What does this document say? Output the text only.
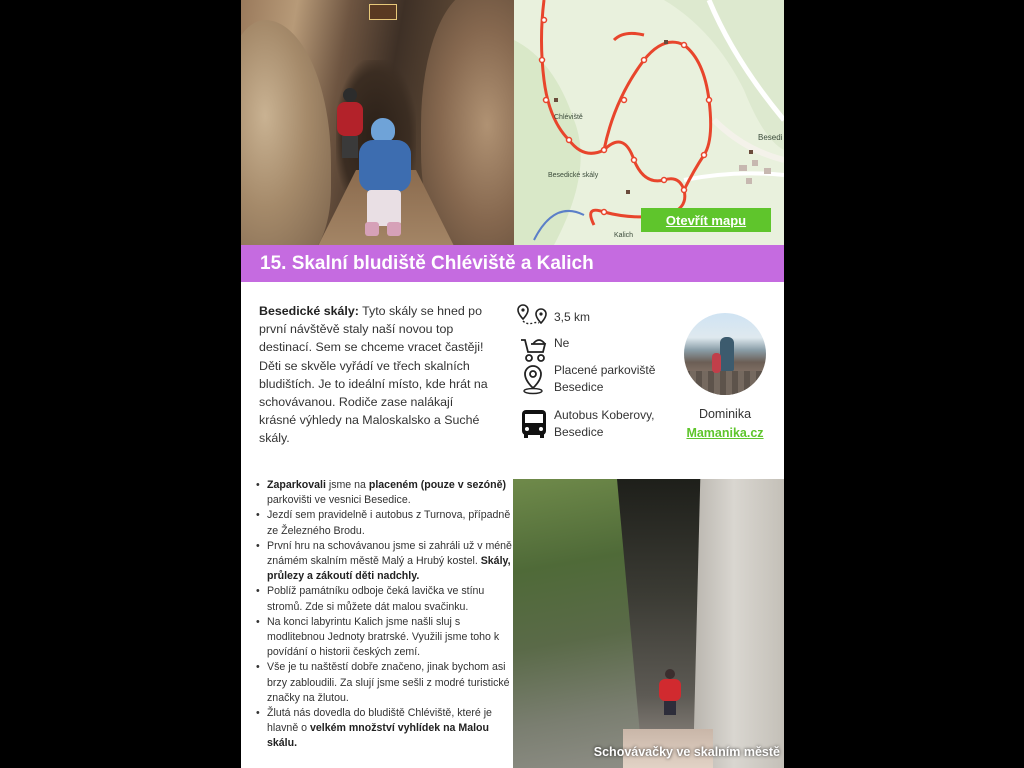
Chléviště
Besedi
Besedické skály
Kalich
Otevřít mapu
15. Skalní bludiště Chléviště a Kalich
Besedické skály: Tyto skály se hned po první návštěvě staly naší novou top destinací. Sem se chceme vracet častěji! Děti se skvěle vyřádí ve třech skalních bludištích. Je to ideální místo, kde hrát na schovávanou. Rodiče zase nalákají krásné výhledy na Maloskalsko a Suché skály.
3,5 km
Ne
Placené parkoviště
Besedice
Autobus Koberovy,
Besedice
Dominika
Mamanika.cz
• Zaparkovali jsme na placeném (pouze v sezóně) parkovišti ve vesnici Besedice.
• Jezdí sem pravidelně i autobus z Turnova, případně ze Železného Brodu.
• První hru na schovávanou jsme si zahráli už v méně známém skalním městě Malý a Hrubý kostel. Skály, průlezy a zákoutí děti nadchly.
• Poblíž památníku odboje čeká lavička ve stínu stromů. Zde si můžete dát malou svačinku.
• Na konci labyrintu Kalich jsme našli sluj s modlitebnou Jednoty bratrské. Využili jsme toho k povídání o historii českých zemí.
• Vše je tu naštěstí dobře značeno, jinak bychom asi brzy zabloudili. Za slují jsme sešli z modré turistické značky na žlutou.
• Žlutá nás dovedla do bludiště Chléviště, které je hlavně o velkém množství vyhlídek na Malou skálu.
Schovávačky ve skalním městě
